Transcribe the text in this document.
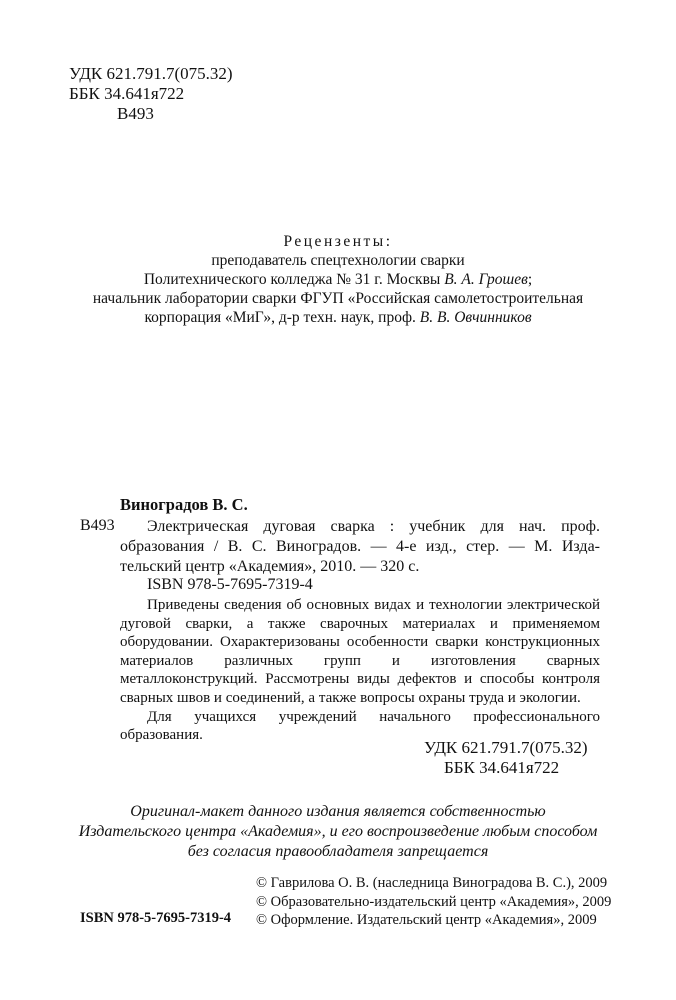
УДК 621.791.7(075.32)
ББК 34.641я722
В493
Рецензенты:
преподаватель спецтехнологии сварки
Политехнического колледжа № 31 г. Москвы В. А. Грошев;
начальник лаборатории сварки ФГУП «Российская самолетостроительная
корпорация «МиГ», д-р техн. наук, проф. В. В. Овчинников
Виноградов В. С.
В493	Электрическая дуговая сварка : учебник для нач. проф.
образования / В. С. Виноградов. — 4-е изд., стер. — М. Изда-
тельский центр «Академия», 2010. — 320 с.
ISBN 978-5-7695-7319-4

Приведены сведения об основных видах и технологии электрической дуговой сварки, а также сварочных материалах и применяемом оборудовании. Охарактеризованы особенности сварки конструкционных материалов различных групп и изготовления сварных металлоконструкций. Рассмотрены виды дефектов и способы контроля сварных швов и соединений, а также вопросы охраны труда и экологии.

Для учащихся учреждений начального профессионального образования.

УДК 621.791.7(075.32)
ББК 34.641я722
Оригинал-макет данного издания является собственностью
Издательского центра «Академия», и его воспроизведение любым способом
без согласия правообладателя запрещается
ISBN 978-5-7695-7319-4
© Гаврилова О. В. (наследница Виноградова В. С.), 2009
© Образовательно-издательский центр «Академия», 2009
© Оформление. Издательский центр «Академия», 2009
